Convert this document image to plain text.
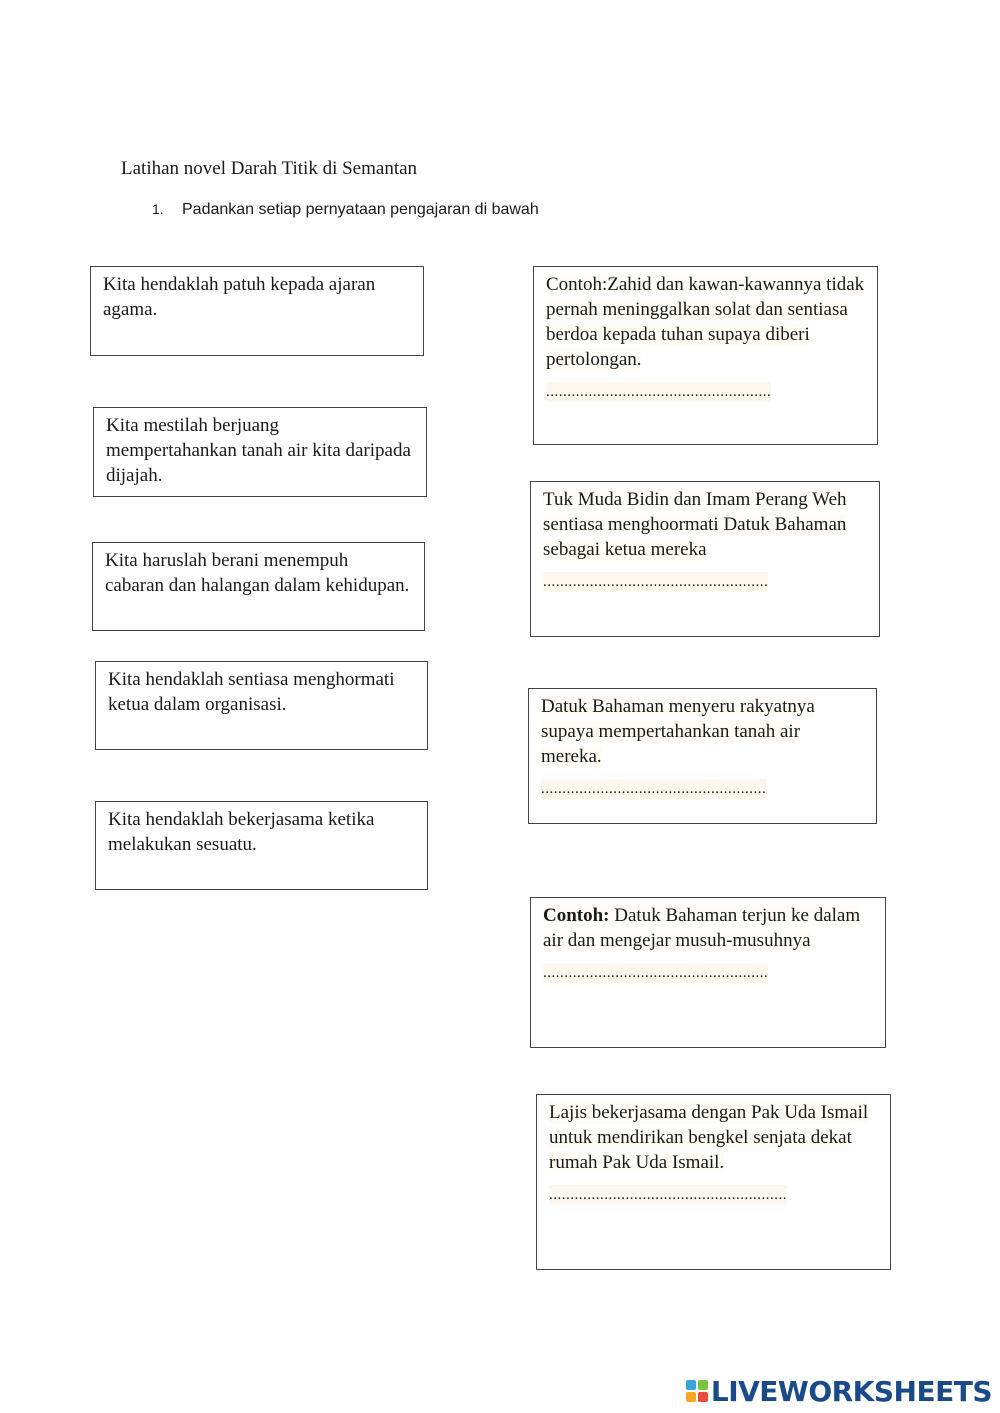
Latihan novel Darah Titik di Semantan
1. Padankan setiap pernyataan pengajaran di bawah
Kita hendaklah patuh kepada ajaran agama.
Kita mestilah berjuang mempertahankan tanah air kita daripada dijajah.
Kita haruslah berani menempuh cabaran dan halangan dalam kehidupan.
Kita hendaklah sentiasa menghormati ketua dalam organisasi.
Kita hendaklah bekerjasama ketika melakukan sesuatu.
Contoh:Zahid dan kawan-kawannya tidak pernah meninggalkan solat dan sentiasa berdoa kepada tuhan supaya diberi pertolongan.
.....................................................
Tuk Muda Bidin dan Imam Perang Weh sentiasa menghoormati Datuk Bahaman sebagai ketua mereka
.....................................................
Datuk Bahaman menyeru rakyatnya supaya mempertahankan tanah air mereka.
.....................................................
Contoh: Datuk Bahaman terjun ke dalam air dan mengejar musuh-musuhnya
.....................................................
Lajis bekerjasama dengan Pak Uda Ismail untuk mendirikan bengkel senjata dekat rumah Pak Uda Ismail.
........................................................
LIVEWORKSHEETS
